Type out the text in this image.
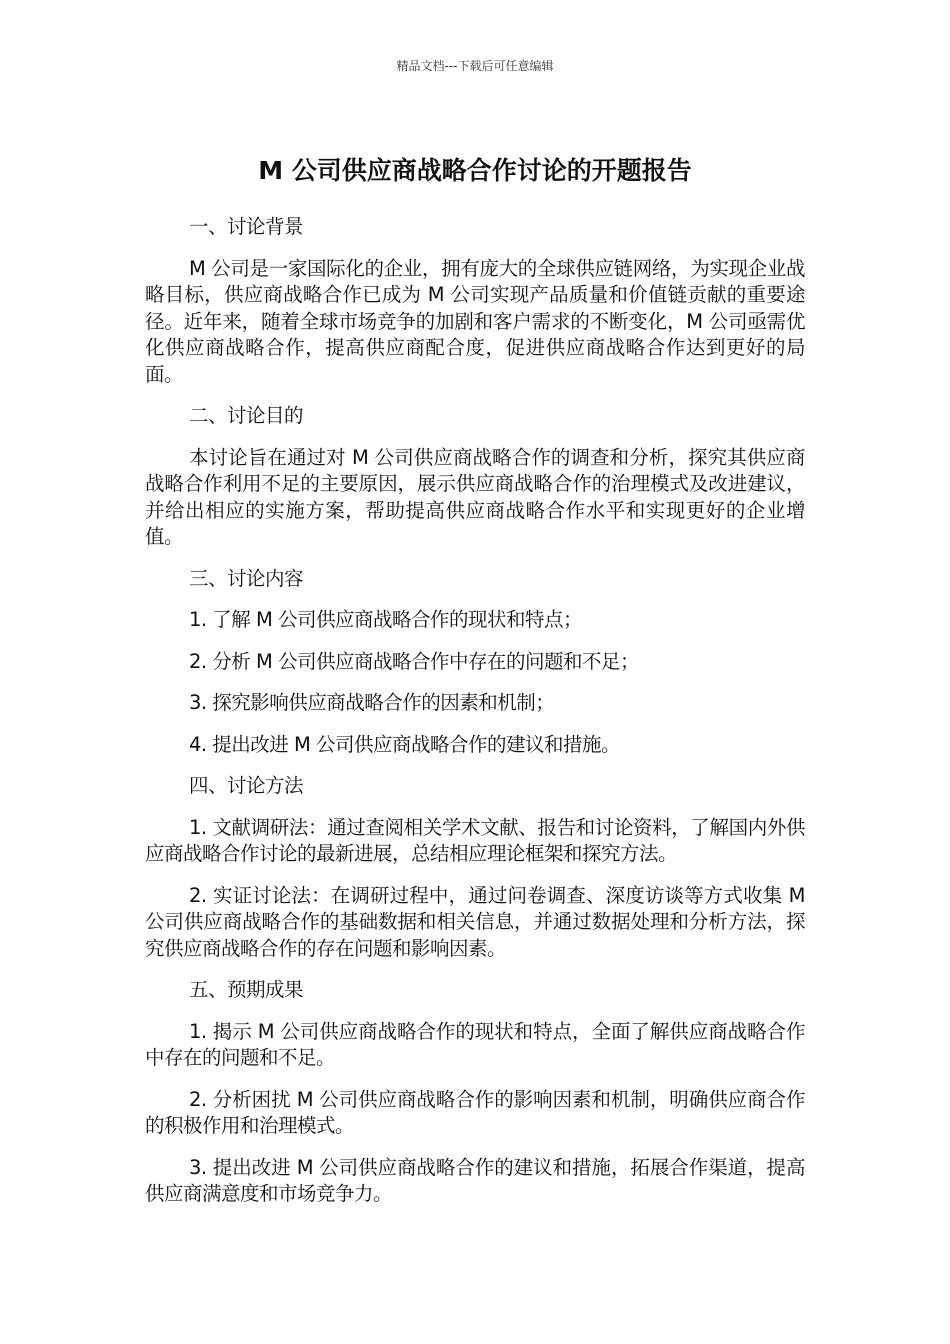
精品文档---下载后可任意编辑
M 公司供应商战略合作讨论的开题报告

一、讨论背景

M 公司是一家国际化的企业，拥有庞大的全球供应链网络，为实现企业战略目标，供应商战略合作已成为 M 公司实现产品质量和价值链贡献的重要途径。近年来，随着全球市场竞争的加剧和客户需求的不断变化，M 公司亟需优化供应商战略合作，提高供应商配合度，促进供应商战略合作达到更好的局面。

二、讨论目的

本讨论旨在通过对 M 公司供应商战略合作的调查和分析，探究其供应商战略合作利用不足的主要原因，展示供应商战略合作的治理模式及改进建议，并给出相应的实施方案，帮助提高供应商战略合作水平和实现更好的企业增值。

三、讨论内容

1. 了解 M 公司供应商战略合作的现状和特点；

2. 分析 M 公司供应商战略合作中存在的问题和不足；

3. 探究影响供应商战略合作的因素和机制；

4. 提出改进 M 公司供应商战略合作的建议和措施。

四、讨论方法

1. 文献调研法：通过查阅相关学术文献、报告和讨论资料，了解国内外供应商战略合作讨论的最新进展，总结相应理论框架和探究方法。

2. 实证讨论法：在调研过程中，通过问卷调查、深度访谈等方式收集 M 公司供应商战略合作的基础数据和相关信息，并通过数据处理和分析方法，探究供应商战略合作的存在问题和影响因素。

五、预期成果

1. 揭示 M 公司供应商战略合作的现状和特点，全面了解供应商战略合作中存在的问题和不足。

2. 分析困扰 M 公司供应商战略合作的影响因素和机制，明确供应商合作的积极作用和治理模式。

3. 提出改进 M 公司供应商战略合作的建议和措施，拓展合作渠道，提高供应商满意度和市场竞争力。
